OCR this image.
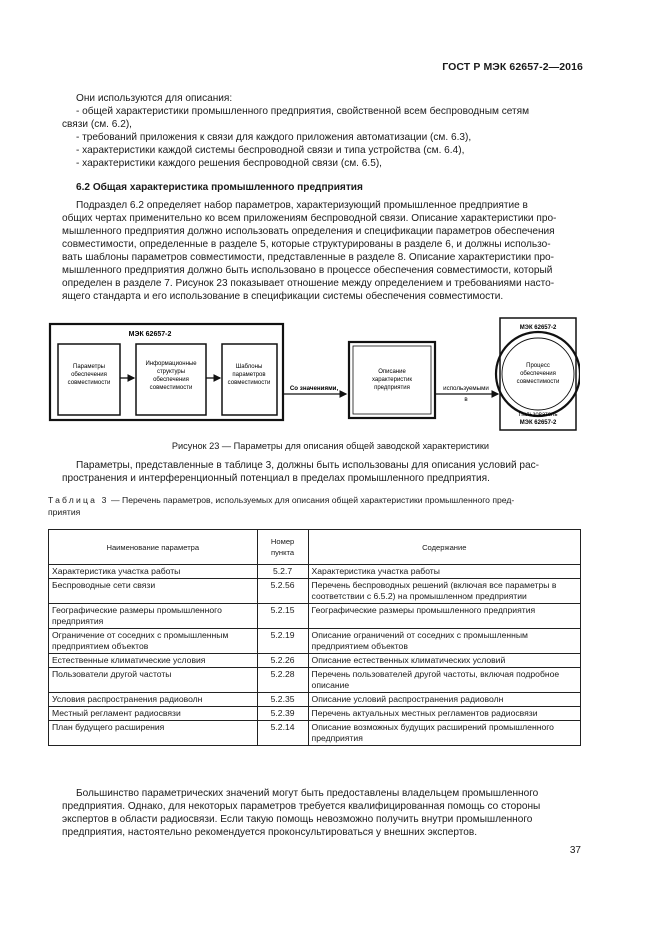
ГОСТ Р МЭК 62657-2—2016
Они используются для описания:
- общей характеристики промышленного предприятия, свойственной всем беспроводным сетям
связи (см. 6.2),
- требований приложения к связи для каждого приложения автоматизации (см. 6.3),
- характеристики каждой системы беспроводной связи и типа устройства (см. 6.4),
- характеристики каждого решения беспроводной связи (см. 6.5),
6.2 Общая характеристика промышленного предприятия
Подраздел 6.2 определяет набор параметров, характеризующий промышленное предприятие в
общих чертах применительно ко всем приложениям беспроводной связи. Описание характеристики про-
мышленного предприятия должно использовать определения и спецификации параметров обеспечения
совместимости, определенные в разделе 5, которые структурированы в разделе 6, и должны использо-
вать шаблоны параметров совместимости, представленные в разделе 8. Описание характеристики про-
мышленного предприятия должно быть использовано в процессе обеспечения совместимости, который
определен в разделе 7. Рисунок 23 показывает отношение между определением и требованиями насто-
ящего стандарта и его использование в спецификации системы обеспечения совместимости.
МЭК 62657-2
Параметры
обеспечения
совместимости
Информационные
структуры
обеспечения
совместимости
Шаблоны
параметров
совместимости
Со значениями,
Описание
характеристик
предприятия	используемыми
в
МЭК 62657-2
Процесс
обеспечения
совместимости
Пользователь
МЭК 62657-2
Рисунок 23 — Параметры для описания общей заводской характеристики
Параметры, представленные в таблице 3, должны быть использованы для описания условий рас-
пространения и интерференционный потенциал в пределах промышленного предприятия.
Таблица 3 — Перечень параметров, используемых для описания общей характеристики промышленного пред-
приятия
Наименование параметра	Номер пункта	Содержание
Характеристика участка работы	5.2.7	Характеристика участка работы
Беспроводные сети связи	5.2.56	Перечень беспроводных решений (включая все параметры в соответствии с 6.5.2) на промышленном предприятии
Географические размеры промышленного предприятия	5.2.15	Географические размеры промышленного предприятия
Ограничение от соседних с промышленным предприятием объектов	5.2.19	Описание ограничений от соседних с промышленным предприятием объектов
Естественные климатические условия	5.2.26	Описание естественных климатических условий
Пользователи другой частоты	5.2.28	Перечень пользователей другой частоты, включая подробное описание
Условия распространения радиоволн	5.2.35	Описание условий распространения радиоволн
Местный регламент радиосвязи	5.2.39	Перечень актуальных местных регламентов радиосвязи
План будущего расширения	5.2.14	Описание возможных будущих расширений промышленного предприятия
Большинство параметрических значений могут быть предоставлены владельцем промышленного
предприятия. Однако, для некоторых параметров требуется квалифицированная помощь со стороны
экспертов в области радиосвязи. Если такую помощь невозможно получить внутри промышленного
предприятия, настоятельно рекомендуется проконсультироваться у внешних экспертов.
37
